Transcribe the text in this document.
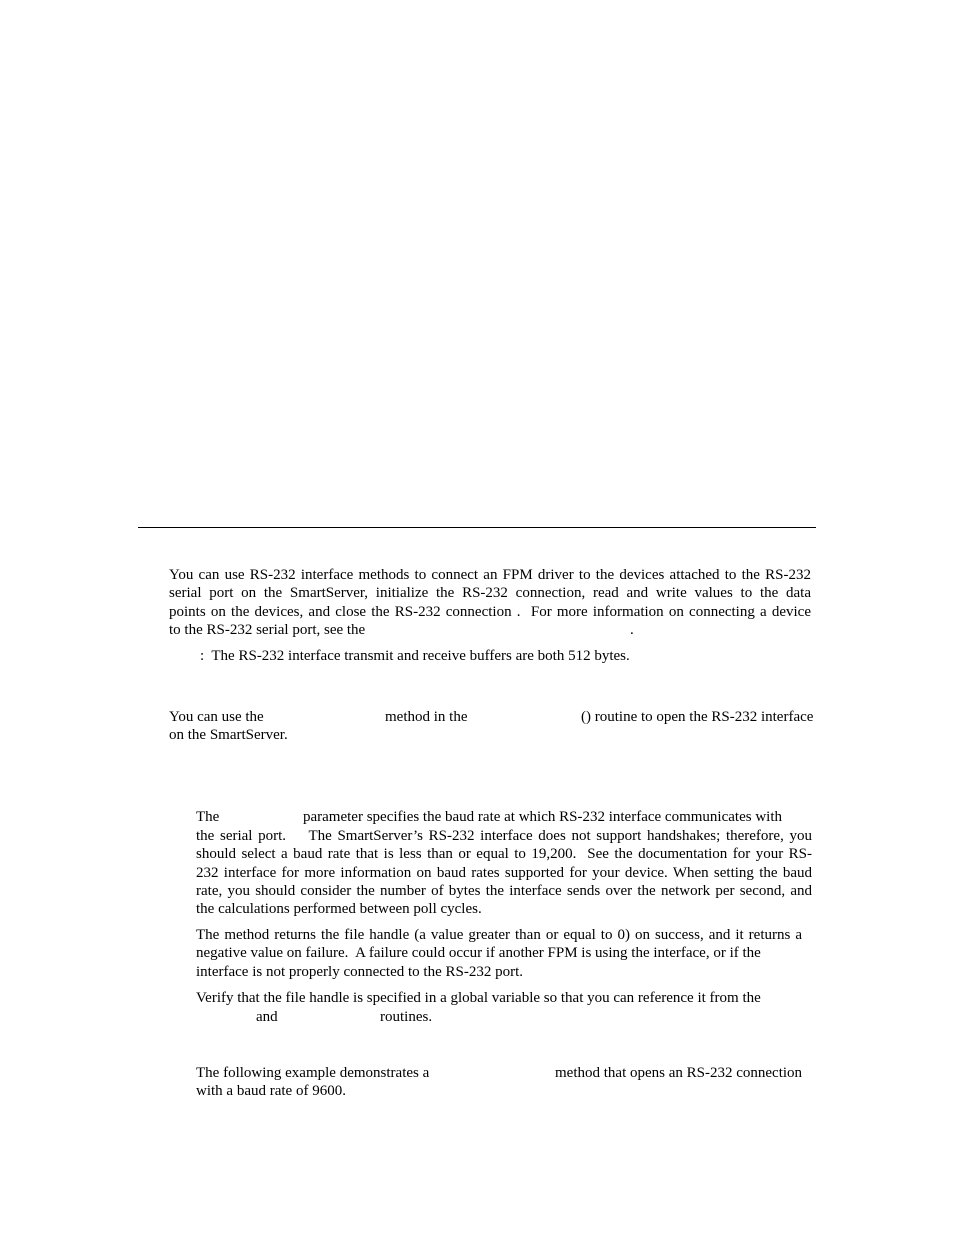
You can use RS-232 interface methods to connect an FPM driver to the devices attached to the RS-232
serial port on the SmartServer, initialize the RS-232 connection, read and write values to the data
points on the devices, and close the RS-232 connection .  For more information on connecting a device
to the RS-232 serial port, see the	.
:  The RS-232 interface transmit and receive buffers are both 512 bytes.
You can use the	method in the	() routine to open the RS-232 interface
on the SmartServer.
The	parameter specifies the baud rate at which RS-232 interface communicates with
the serial port.    The SmartServer’s RS-232 interface does not support handshakes; therefore, you
should select a baud rate that is less than or equal to 19,200.  See the documentation for your RS-
232 interface for more information on baud rates supported for your device. When setting the baud
rate, you should consider the number of bytes the interface sends over the network per second, and
the calculations performed between poll cycles.
The method returns the file handle (a value greater than or equal to 0) on success, and it returns a
negative value on failure.  A failure could occur if another FPM is using the interface, or if the
interface is not properly connected to the RS-232 port.
Verify that the file handle is specified in a global variable so that you can reference it from the
and	routines.
The following example demonstrates a	method that opens an RS-232 connection
with a baud rate of 9600.
